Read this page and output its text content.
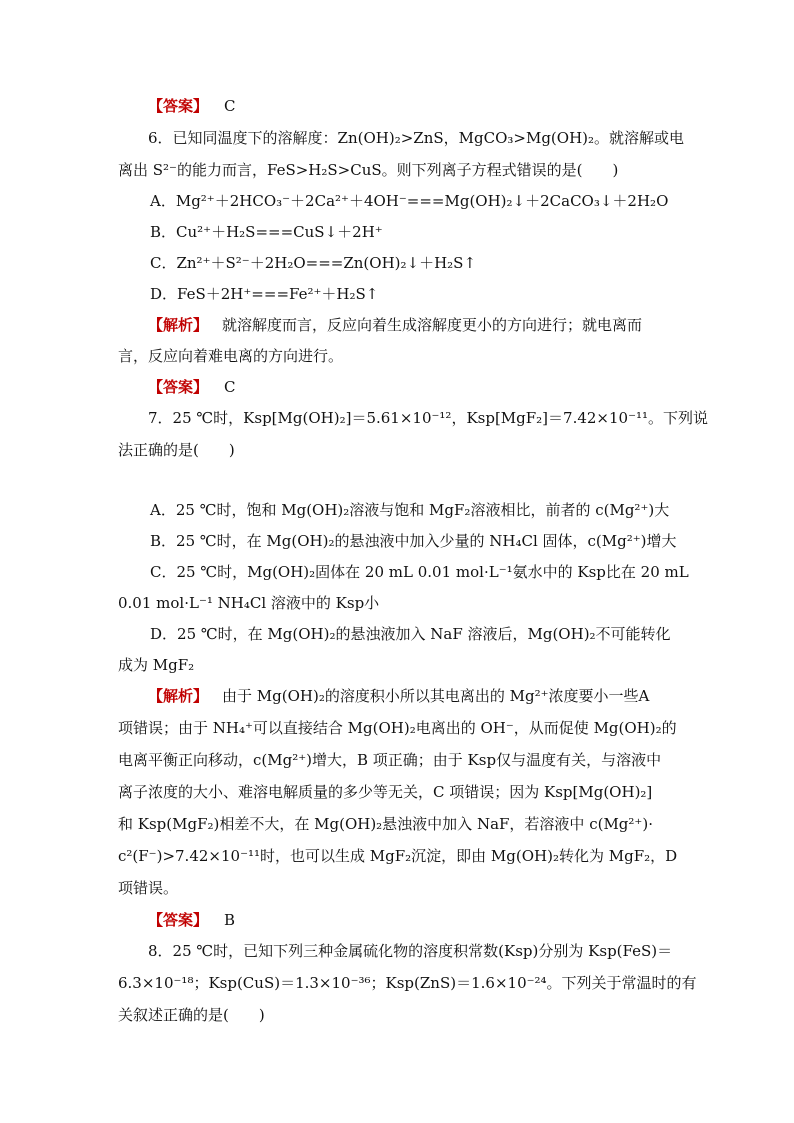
【答案】 C
6．已知同温度下的溶解度：Zn(OH)₂>ZnS，MgCO₃>Mg(OH)₂。就溶解或电
离出 S²⁻的能力而言，FeS>H₂S>CuS。则下列离子方程式错误的是(　　)
A．Mg²⁺＋2HCO₃⁻＋2Ca²⁺＋4OH⁻===Mg(OH)₂↓＋2CaCO₃↓＋2H₂O
B．Cu²⁺＋H₂S===CuS↓＋2H⁺
C．Zn²⁺＋S²⁻＋2H₂O===Zn(OH)₂↓＋H₂S↑
D．FeS＋2H⁺===Fe²⁺＋H₂S↑
【解析】 就溶解度而言，反应向着生成溶解度更小的方向进行；就电离而
言，反应向着难电离的方向进行。
【答案】 C
7．25 ℃时，Ksp[Mg(OH)₂]＝5.61×10⁻¹²，Ksp[MgF₂]＝7.42×10⁻¹¹。下列说
法正确的是(　　)
A．25 ℃时，饱和 Mg(OH)₂溶液与饱和 MgF₂溶液相比，前者的 c(Mg²⁺)大
B．25 ℃时，在 Mg(OH)₂的悬浊液中加入少量的 NH₄Cl 固体，c(Mg²⁺)增大
C．25 ℃时，Mg(OH)₂固体在 20 mL 0.01 mol·L⁻¹氨水中的 Ksp比在 20 mL
0.01 mol·L⁻¹ NH₄Cl 溶液中的 Ksp小
D．25 ℃时，在 Mg(OH)₂的悬浊液加入 NaF 溶液后，Mg(OH)₂不可能转化
成为 MgF₂
【解析】 由于 Mg(OH)₂的溶度积小所以其电离出的 Mg²⁺浓度要小一些A
项错误；由于 NH₄⁺可以直接结合 Mg(OH)₂电离出的 OH⁻，从而促使 Mg(OH)₂的
电离平衡正向移动，c(Mg²⁺)增大，B 项正确；由于 Ksp仅与温度有关，与溶液中
离子浓度的大小、难溶电解质量的多少等无关，C 项错误；因为 Ksp[Mg(OH)₂]
和 Ksp(MgF₂)相差不大，在 Mg(OH)₂悬浊液中加入 NaF，若溶液中 c(Mg²⁺)·
c²(F⁻)>7.42×10⁻¹¹时，也可以生成 MgF₂沉淀，即由 Mg(OH)₂转化为 MgF₂，D
项错误。
【答案】 B
8．25 ℃时，已知下列三种金属硫化物的溶度积常数(Ksp)分别为 Ksp(FeS)＝
6.3×10⁻¹⁸；Ksp(CuS)＝1.3×10⁻³⁶；Ksp(ZnS)＝1.6×10⁻²⁴。下列关于常温时的有
关叙述正确的是(　　)
